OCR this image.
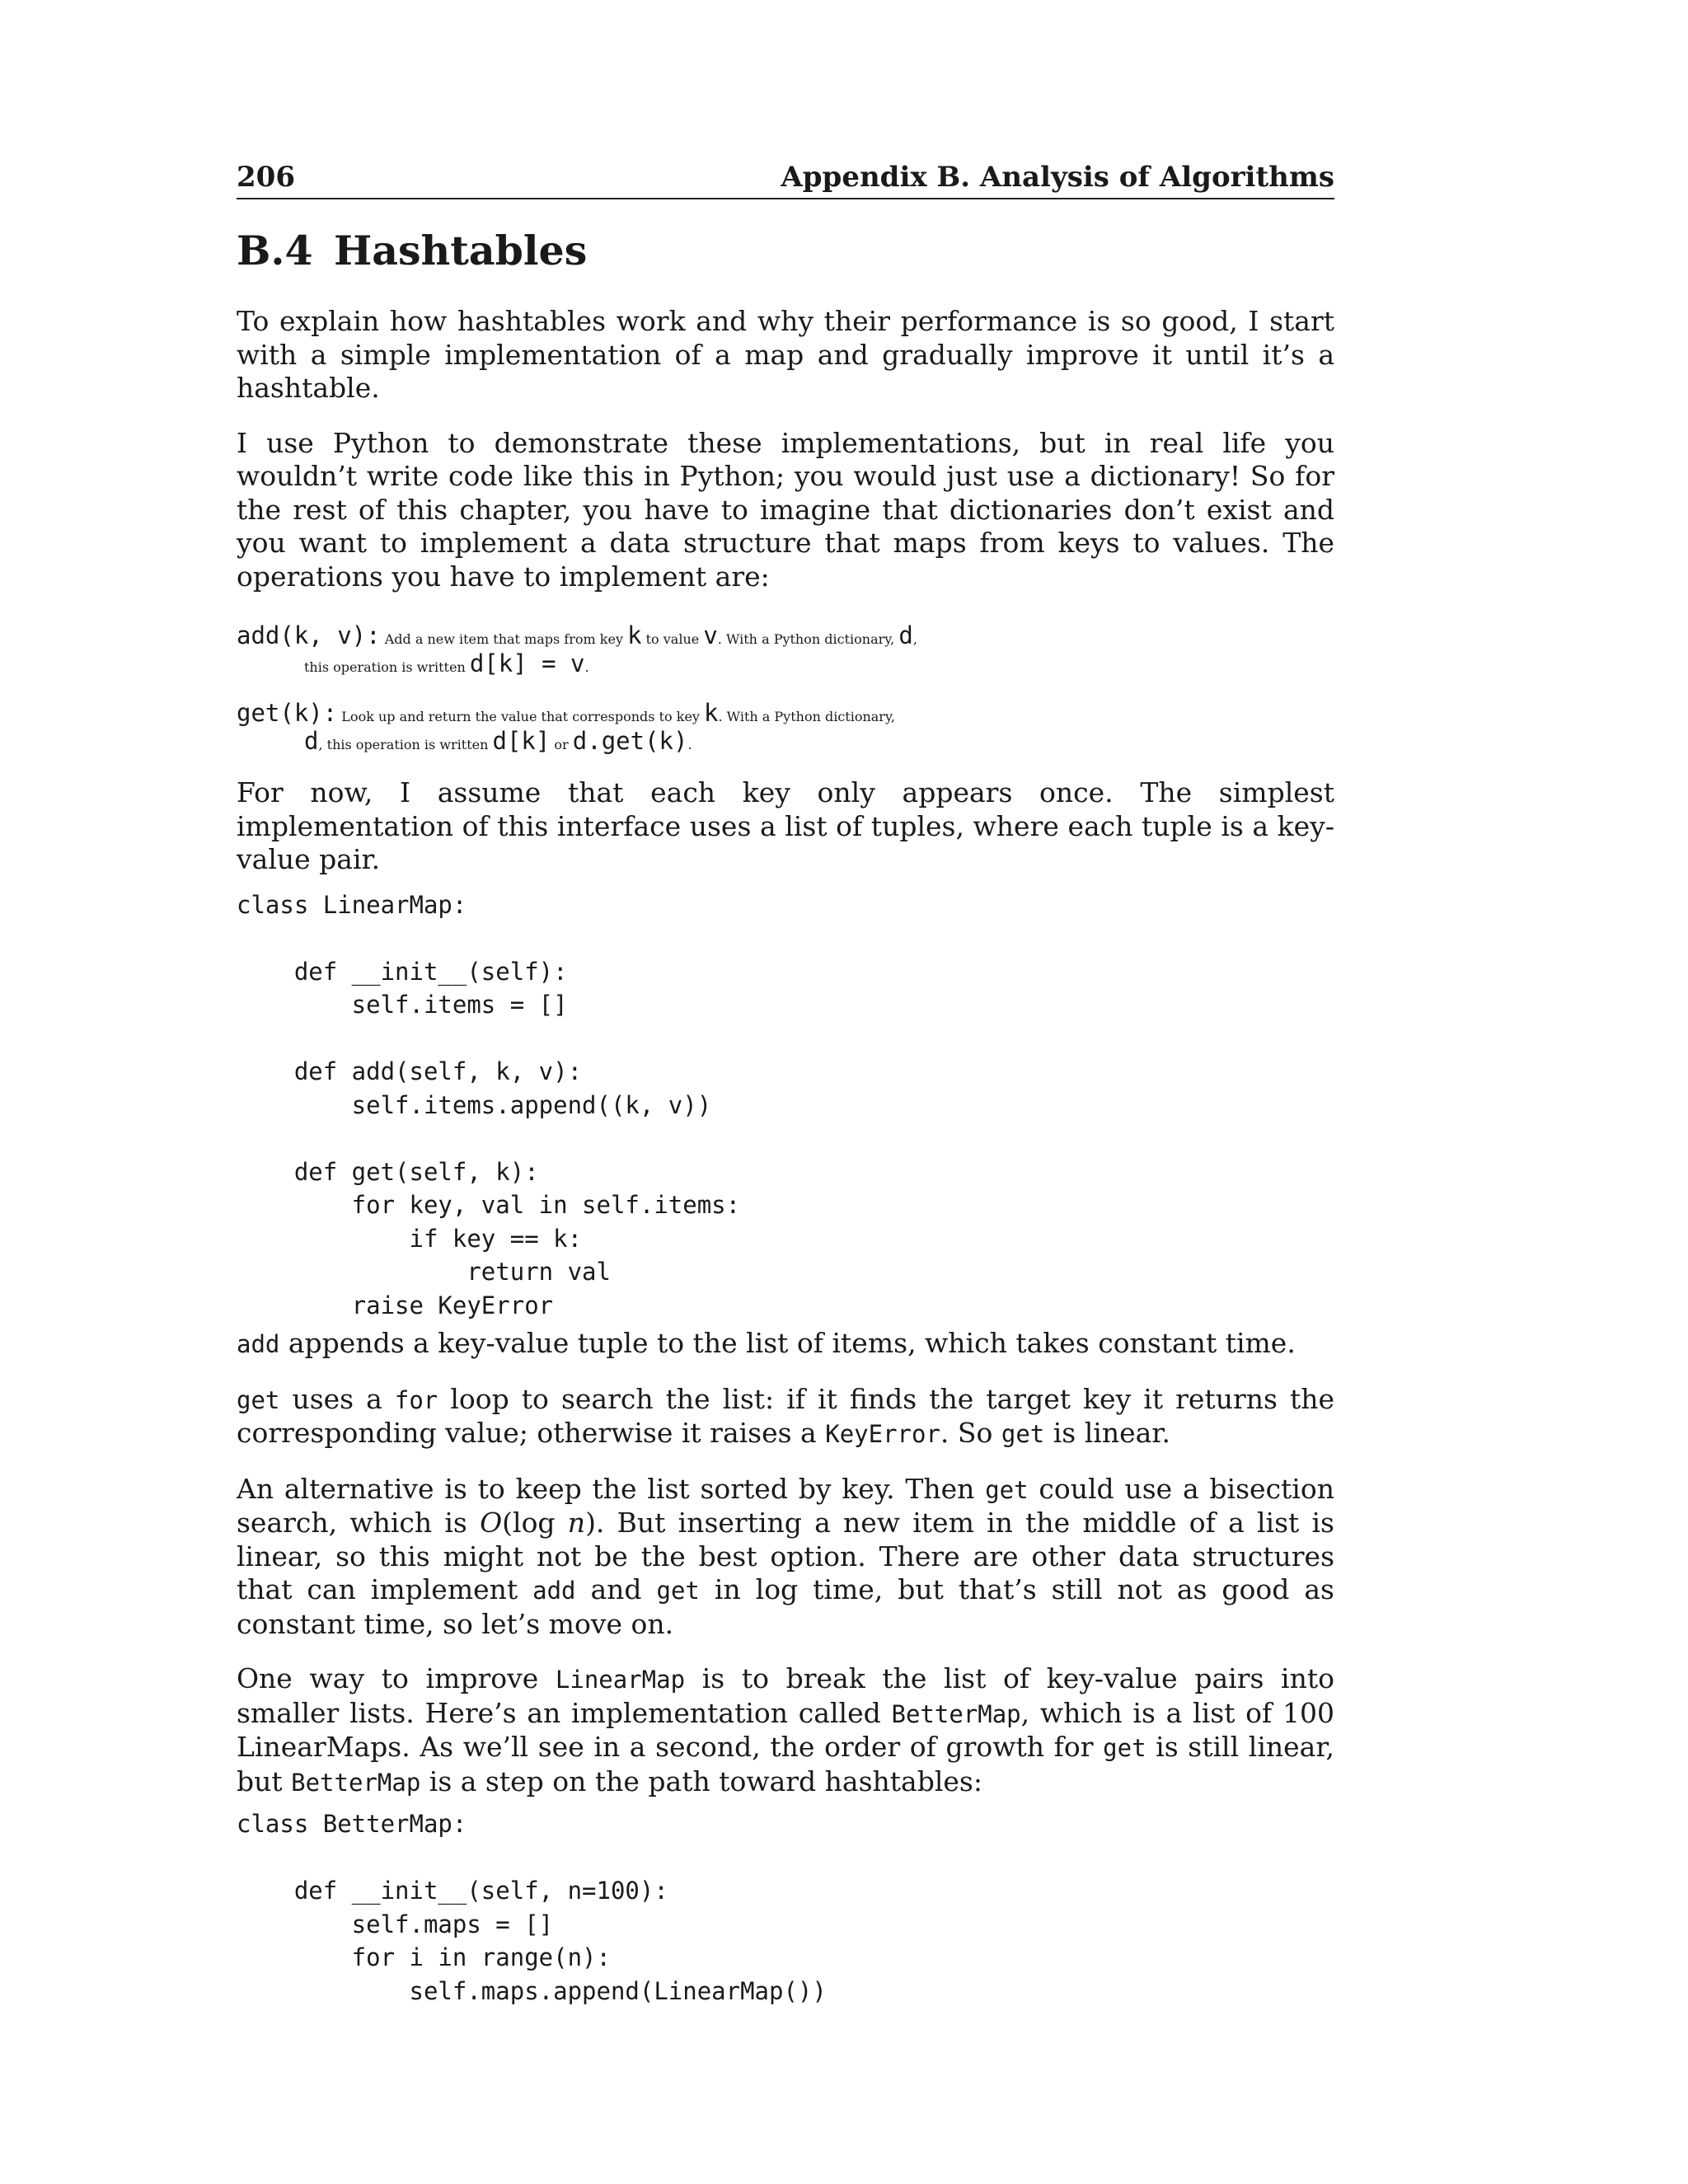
206	Appendix B. Analysis of Algorithms
B.4 Hashtables

To explain how hashtables work and why their performance is so good, I start with a simple implementation of a map and gradually improve it until it’s a hashtable.

I use Python to demonstrate these implementations, but in real life you wouldn’t write code like this in Python; you would just use a dictionary! So for the rest of this chapter, you have to imagine that dictionaries don’t exist and you want to implement a data structure that maps from keys to values. The operations you have to implement are:

add(k, v): Add a new item that maps from key k to value v. With a Python dictionary, d,
this operation is written d[k] = v.
get(k): Look up and return the value that corresponds to key k. With a Python dictionary,
d, this operation is written d[k] or d.get(k).

For now, I assume that each key only appears once. The simplest implementation of this interface uses a list of tuples, where each tuple is a key-value pair.

class LinearMap:

def __init__(self):
self.items = []

def add(self, k, v):
self.items.append((k, v))

def get(self, k):
for key, val in self.items:
if key == k:
return val
raise KeyError

add appends a key-value tuple to the list of items, which takes constant time.

get uses a for loop to search the list: if it finds the target key it returns the corresponding value; otherwise it raises a KeyError. So get is linear.

An alternative is to keep the list sorted by key. Then get could use a bisection search, which is O(log n). But inserting a new item in the middle of a list is linear, so this might not be the best option. There are other data structures that can implement add and get in log time, but that’s still not as good as constant time, so let’s move on.

One way to improve LinearMap is to break the list of key-value pairs into smaller lists. Here’s an implementation called BetterMap, which is a list of 100 LinearMaps. As we’ll see in a second, the order of growth for get is still linear, but BetterMap is a step on the path toward hashtables:

class BetterMap:

def __init__(self, n=100):
self.maps = []
for i in range(n):
self.maps.append(LinearMap())
